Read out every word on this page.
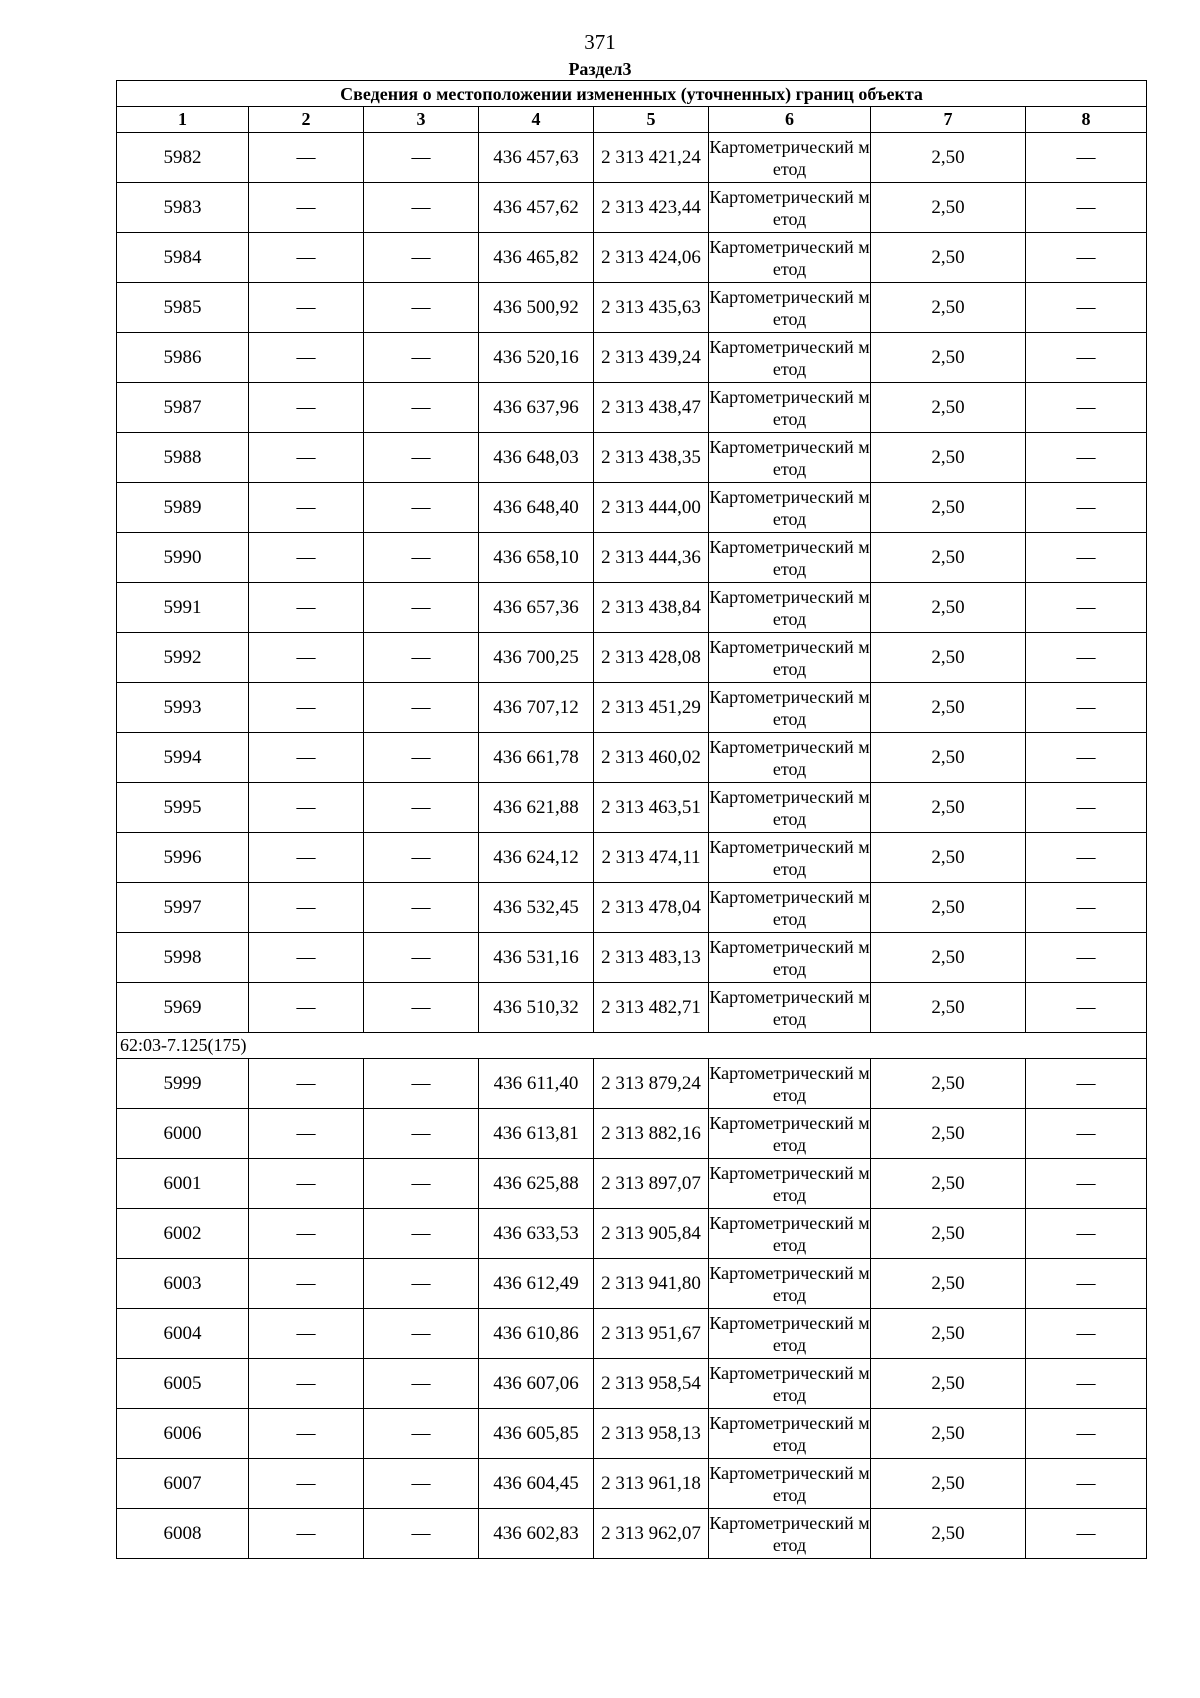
371
Раздел3
Сведения о местоположении измененных (уточненных) границ объекта							
1	2	3	4	5	6	7	8
5982	—	—	436 457,63	2 313 421,24	Картометрический метод	2,50	—
5983	—	—	436 457,62	2 313 423,44	Картометрический метод	2,50	—
5984	—	—	436 465,82	2 313 424,06	Картометрический метод	2,50	—
5985	—	—	436 500,92	2 313 435,63	Картометрический метод	2,50	—
5986	—	—	436 520,16	2 313 439,24	Картометрический метод	2,50	—
5987	—	—	436 637,96	2 313 438,47	Картометрический метод	2,50	—
5988	—	—	436 648,03	2 313 438,35	Картометрический метод	2,50	—
5989	—	—	436 648,40	2 313 444,00	Картометрический метод	2,50	—
5990	—	—	436 658,10	2 313 444,36	Картометрический метод	2,50	—
5991	—	—	436 657,36	2 313 438,84	Картометрический метод	2,50	—
5992	—	—	436 700,25	2 313 428,08	Картометрический метод	2,50	—
5993	—	—	436 707,12	2 313 451,29	Картометрический метод	2,50	—
5994	—	—	436 661,78	2 313 460,02	Картометрический метод	2,50	—
5995	—	—	436 621,88	2 313 463,51	Картометрический метод	2,50	—
5996	—	—	436 624,12	2 313 474,11	Картометрический метод	2,50	—
5997	—	—	436 532,45	2 313 478,04	Картометрический метод	2,50	—
5998	—	—	436 531,16	2 313 483,13	Картометрический метод	2,50	—
5969	—	—	436 510,32	2 313 482,71	Картометрический метод	2,50	—
62:03-7.125(175)							
5999	—	—	436 611,40	2 313 879,24	Картометрический метод	2,50	—
6000	—	—	436 613,81	2 313 882,16	Картометрический метод	2,50	—
6001	—	—	436 625,88	2 313 897,07	Картометрический метод	2,50	—
6002	—	—	436 633,53	2 313 905,84	Картометрический метод	2,50	—
6003	—	—	436 612,49	2 313 941,80	Картометрический метод	2,50	—
6004	—	—	436 610,86	2 313 951,67	Картометрический метод	2,50	—
6005	—	—	436 607,06	2 313 958,54	Картометрический метод	2,50	—
6006	—	—	436 605,85	2 313 958,13	Картометрический метод	2,50	—
6007	—	—	436 604,45	2 313 961,18	Картометрический метод	2,50	—
6008	—	—	436 602,83	2 313 962,07	Картометрический метод	2,50	—
